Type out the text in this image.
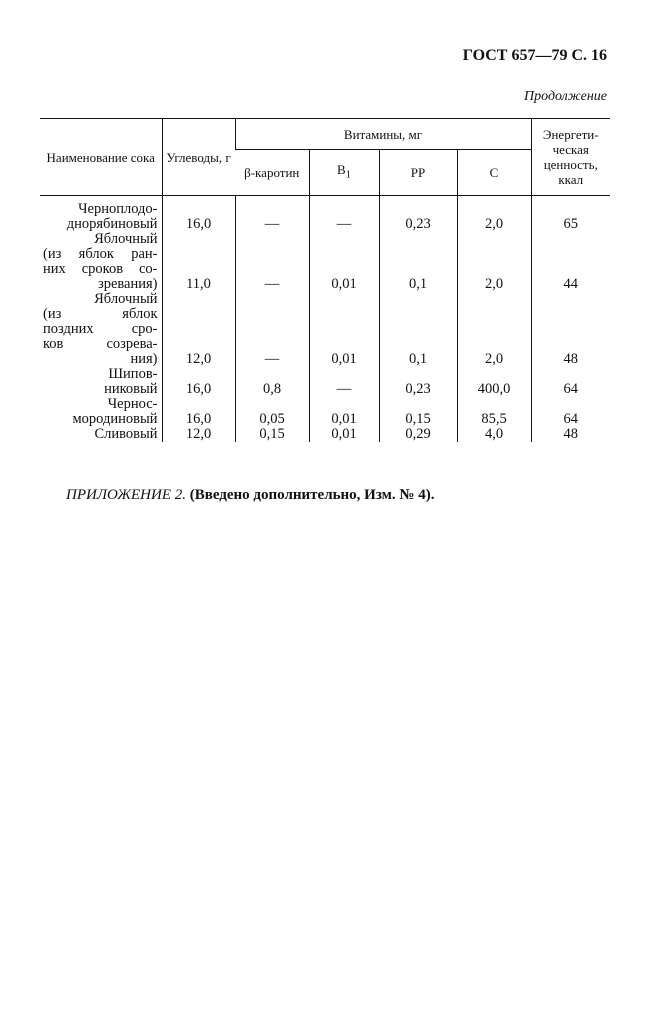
ГОСТ 657—79 С. 16
Продолжение
Наименование сока	Углеводы, г	Витамины, мг				Энергети-ческая ценность, ккал
		β-каротин	$B_1$	PP	C	

Черноплодо-
днорябиновый	16,0	—	—	0,23	2,0	65

Яблочный
(из яблок ран-
них сроков со-
зревания)	11,0	—	0,01	0,1	2,0	44

Яблочный
(из яблок
поздних сро-
ков созрева-
ния)	12,0	—	0,01	0,1	2,0	48

Шипов-
никовый	16,0	0,8	—	0,23	400,0	64

Чернос-
мородиновый	16,0	0,05	0,01	0,15	85,5	64

Сливовый	12,0	0,15	0,01	0,29	4,0	48
ПРИЛОЖЕНИЕ 2. (Введено дополнительно, Изм. № 4).
